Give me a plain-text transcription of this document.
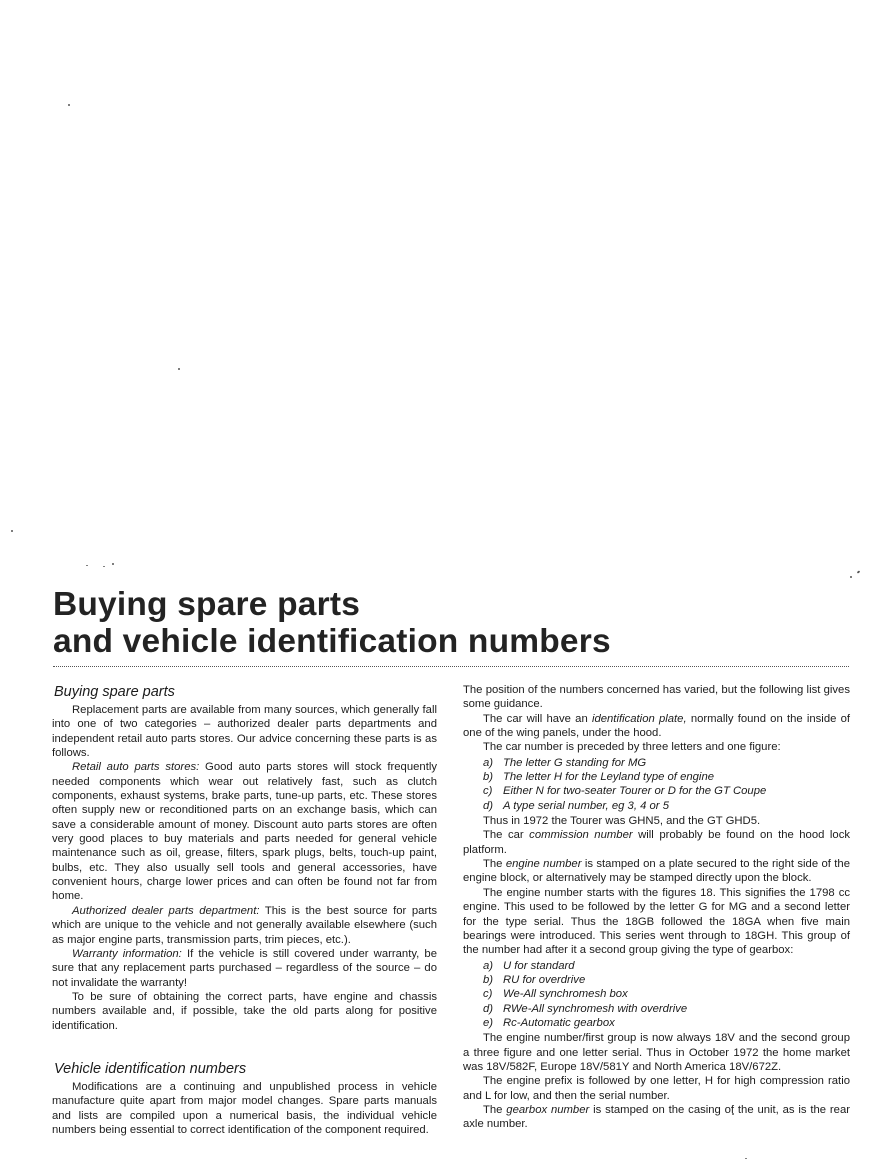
Buying spare parts
and vehicle identification numbers
Buying spare parts

Replacement parts are available from many sources, which generally fall into one of two categories – authorized dealer parts departments and independent retail auto parts stores. Our advice concerning these parts is as follows.

Retail auto parts stores: Good auto parts stores will stock frequently needed components which wear out relatively fast, such as clutch components, exhaust systems, brake parts, tune-up parts, etc. These stores often supply new or reconditioned parts on an exchange basis, which can save a considerable amount of money. Discount auto parts stores are often very good places to buy materials and parts needed for general vehicle maintenance such as oil, grease, filters, spark plugs, belts, touch-up paint, bulbs, etc. They also usually sell tools and general accessories, have convenient hours, charge lower prices and can often be found not far from home.

Authorized dealer parts department: This is the best source for parts which are unique to the vehicle and not generally available elsewhere (such as major engine parts, transmission parts, trim pieces, etc.).

Warranty information: If the vehicle is still covered under warranty, be sure that any replacement parts purchased – regardless of the source – do not invalidate the warranty!

To be sure of obtaining the correct parts, have engine and chassis numbers available and, if possible, take the old parts along for positive identification.

Vehicle identification numbers

Modifications are a continuing and unpublished process in vehicle manufacture quite apart from major model changes. Spare parts manuals and lists are compiled upon a numerical basis, the individual vehicle numbers being essential to correct identification of the component required.

The position of the numbers concerned has varied, but the following list gives some guidance.

The car will have an identification plate, normally found on the inside of one of the wing panels, under the hood.

The car number is preceded by three letters and one figure:

a) The letter G standing for MG
b) The letter H for the Leyland type of engine
c) Either N for two-seater Tourer or D for the GT Coupe
d) A type serial number, eg 3, 4 or 5

Thus in 1972 the Tourer was GHN5, and the GT GHD5.

The car commission number will probably be found on the hood lock platform.

The engine number is stamped on a plate secured to the right side of the engine block, or alternatively may be stamped directly upon the block.

The engine number starts with the figures 18. This signifies the 1798 cc engine. This used to be followed by the letter G for MG and a second letter for the type serial. Thus the 18GB followed the 18GA when five main bearings were introduced. This series went through to 18GH. This group of the number had after it a second group giving the type of gearbox:

a) U for standard
b) RU for overdrive
c) We-All synchromesh box
d) RWe-All synchromesh with overdrive
e) Rc-Automatic gearbox

The engine number/first group is now always 18V and the second group a three figure and one letter serial. Thus in October 1972 the home market was 18V/582F, Europe 18V/581Y and North America 18V/672Z.

The engine prefix is followed by one letter, H for high compression ratio and L for low, and then the serial number.

The gearbox number is stamped on the casing of the unit, as is the rear axle number.
